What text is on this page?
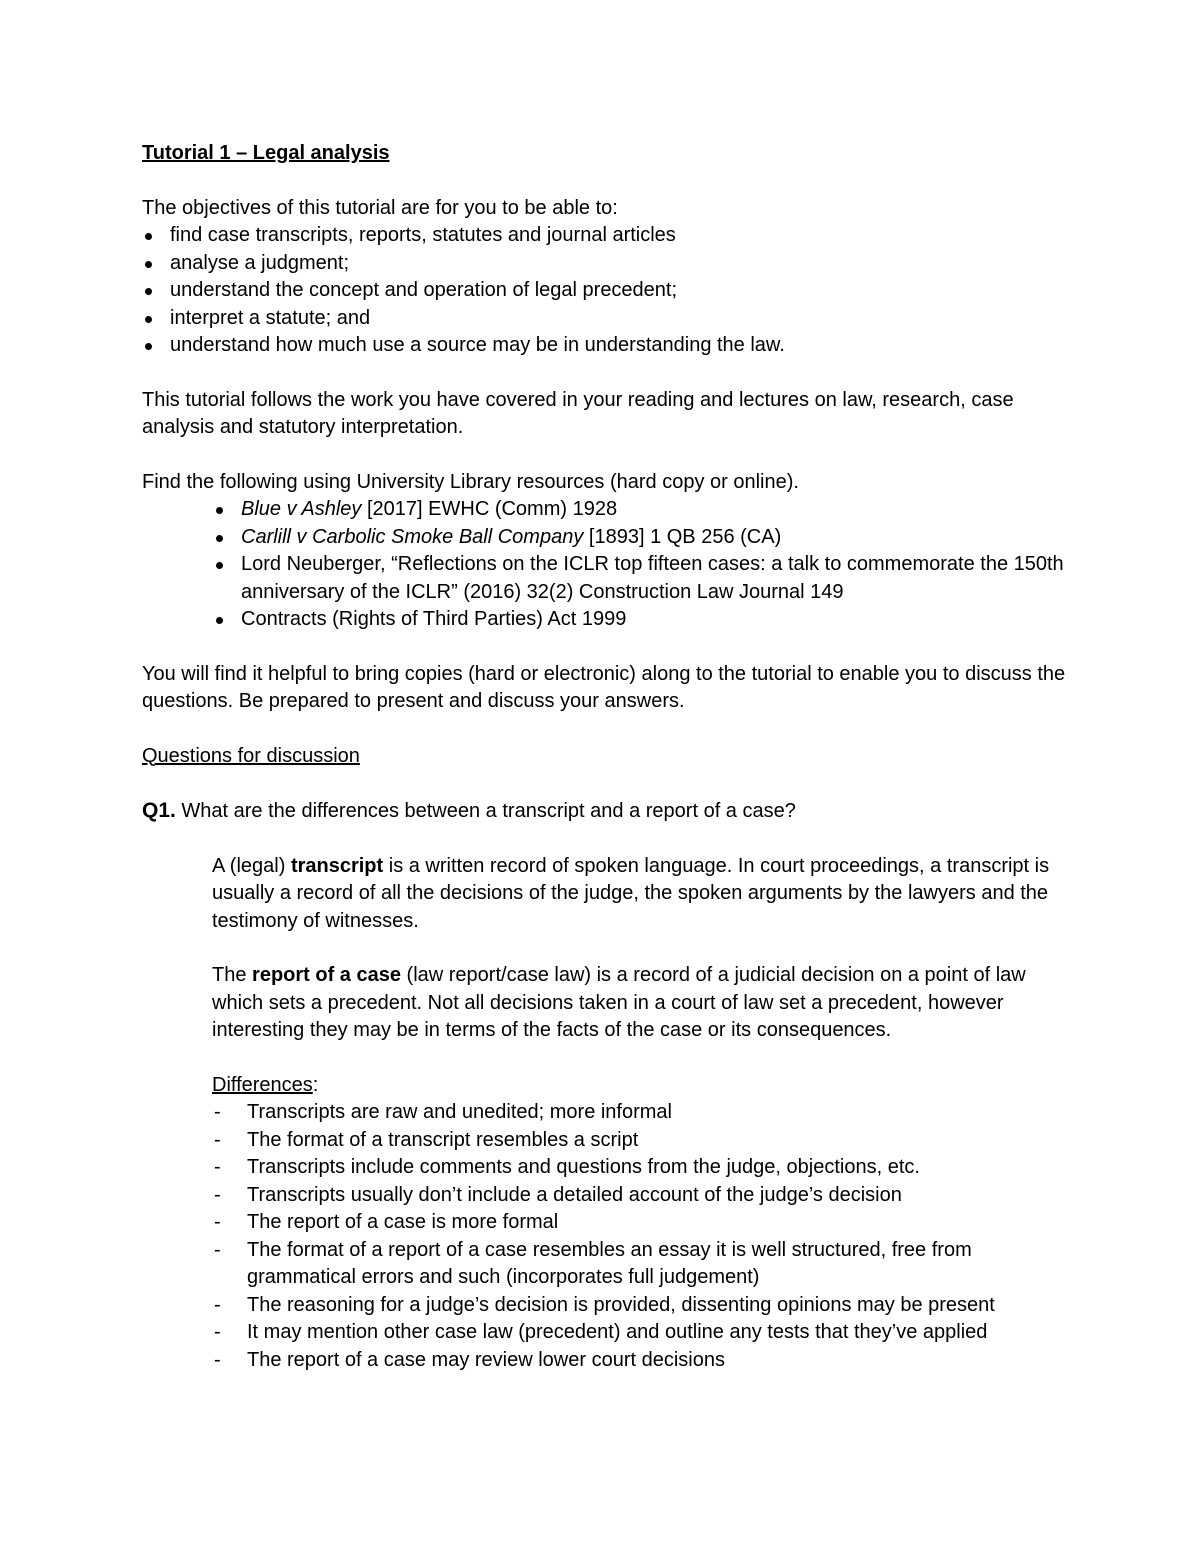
Tutorial 1 – Legal analysis

The objectives of this tutorial are for you to be able to:

find case transcripts, reports, statutes and journal articles
analyse a judgment;
understand the concept and operation of legal precedent;
interpret a statute; and
understand how much use a source may be in understanding the law.

This tutorial follows the work you have covered in your reading and lectures on law, research, case analysis and statutory interpretation.

Find the following using University Library resources (hard copy or online).

Blue v Ashley [2017] EWHC (Comm) 1928
Carlill v Carbolic Smoke Ball Company [1893] 1 QB 256 (CA)
Lord Neuberger, “Reflections on the ICLR top fifteen cases: a talk to commemorate the 150th anniversary of the ICLR” (2016) 32(2) Construction Law Journal 149
Contracts (Rights of Third Parties) Act 1999

You will find it helpful to bring copies (hard or electronic) along to the tutorial to enable you to discuss the questions. Be prepared to present and discuss your answers.

Questions for discussion

Q1. What are the differences between a transcript and a report of a case?

A (legal) transcript is a written record of spoken language. In court proceedings, a transcript is usually a record of all the decisions of the judge, the spoken arguments by the lawyers and the testimony of witnesses.

The report of a case (law report/case law) is a record of a judicial decision on a point of law which sets a precedent. Not all decisions taken in a court of law set a precedent, however interesting they may be in terms of the facts of the case or its consequences.

Differences:

- Transcripts are raw and unedited; more informal
- The format of a transcript resembles a script
- Transcripts include comments and questions from the judge, objections, etc.
- Transcripts usually don’t include a detailed account of the judge’s decision
- The report of a case is more formal
- The format of a report of a case resembles an essay it is well structured, free from grammatical errors and such (incorporates full judgement)
- The reasoning for a judge’s decision is provided, dissenting opinions may be present
- It may mention other case law (precedent) and outline any tests that they’ve applied
- The report of a case may review lower court decisions
